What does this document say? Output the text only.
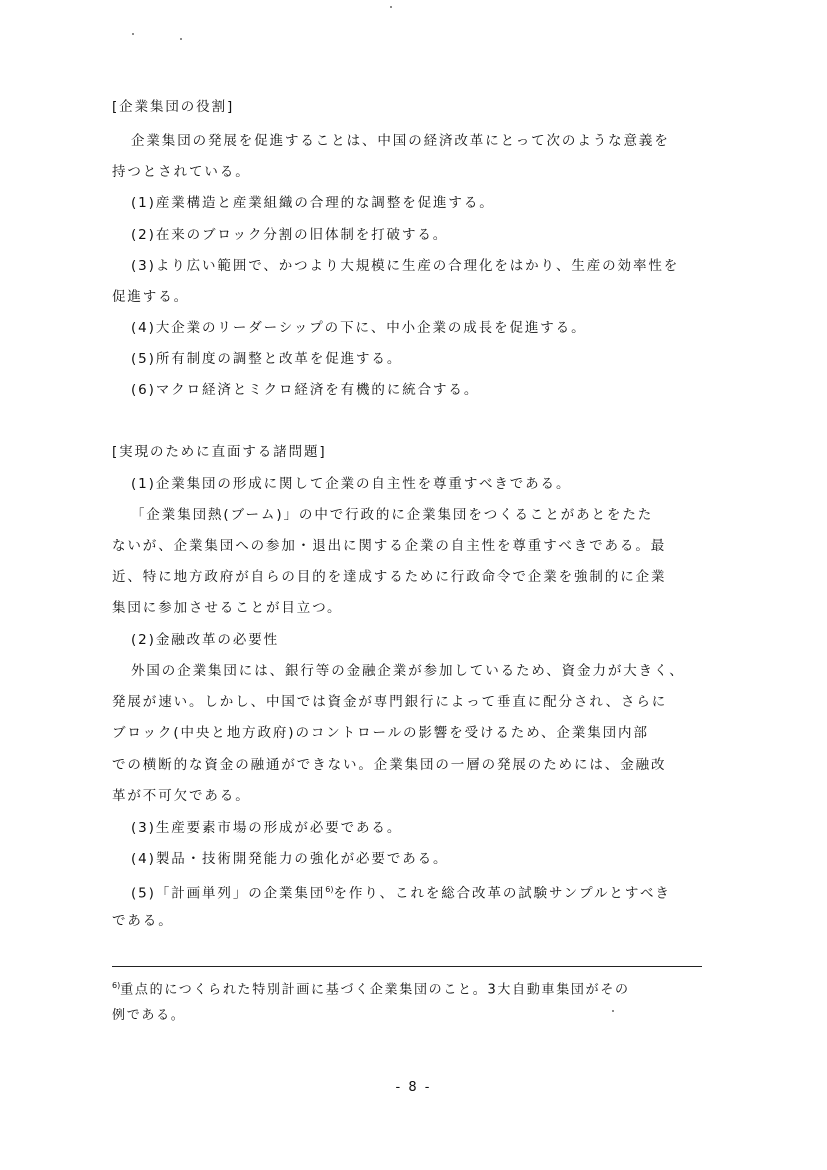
[企業集団の役割]
企業集団の発展を促進することは、中国の経済改革にとって次のような意義を
持つとされている。
(1)産業構造と産業組織の合理的な調整を促進する。
(2)在来のブロック分割の旧体制を打破する。
(3)より広い範囲で、かつより大規模に生産の合理化をはかり、生産の効率性を
促進する。
(4)大企業のリーダーシップの下に、中小企業の成長を促進する。
(5)所有制度の調整と改革を促進する。
(6)マクロ経済とミクロ経済を有機的に統合する。
[実現のために直面する諸問題]
(1)企業集団の形成に関して企業の自主性を尊重すべきである。
「企業集団熱(ブーム)」の中で行政的に企業集団をつくることがあとをたた
ないが、企業集団への参加・退出に関する企業の自主性を尊重すべきである。最
近、特に地方政府が自らの目的を達成するために行政命令で企業を強制的に企業
集団に参加させることが目立つ。
(2)金融改革の必要性
外国の企業集団には、銀行等の金融企業が参加しているため、資金力が大きく、
発展が速い。しかし、中国では資金が専門銀行によって垂直に配分され、さらに
ブロック(中央と地方政府)のコントロールの影響を受けるため、企業集団内部
での横断的な資金の融通ができない。企業集団の一層の発展のためには、金融改
革が不可欠である。
(3)生産要素市場の形成が必要である。
(4)製品・技術開発能力の強化が必要である。
(5)「計画単列」の企業集団$^{6)}$を作り、これを総合改革の試験サンプルとすべき
である。
$^{6)}$重点的につくられた特別計画に基づく企業集団のこと。3大自動車集団がその
例である。
- 8 -
